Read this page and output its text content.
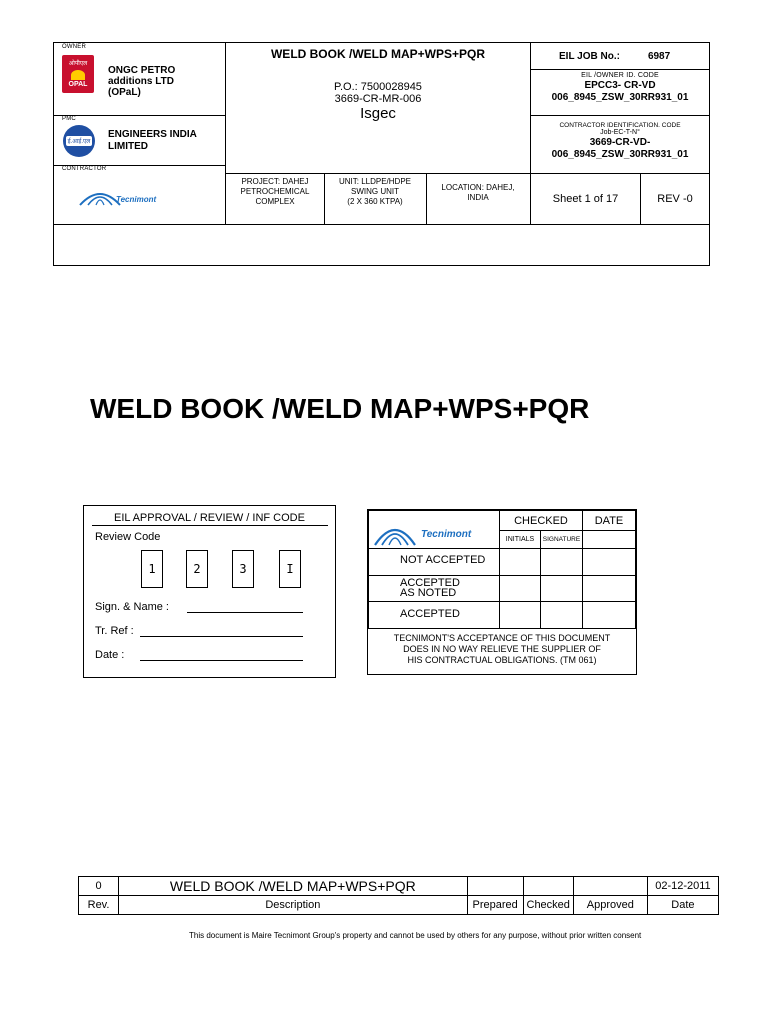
OWNER
ओपीएल
OPAL
ONGC PETRO
additions LTD
(OPaL)
PMC
ई.आई.एल
ENGINEERS INDIA
LIMITED
CONTRACTOR
Tecnimont
WELD BOOK /WELD MAP+WPS+PQR
P.O.: 7500028945
3669-CR-MR-006
Isgec
PROJECT: DAHEJ
PETROCHEMICAL
COMPLEX
UNIT: LLDPE/HDPE
SWING UNIT
(2 X 360 KTPA)
LOCATION: DAHEJ,
INDIA
EIL JOB No.:	6987
EIL /OWNER ID. CODE
EPCC3- CR-VD
006_8945_ZSW_30RR931_01
CONTRACTOR IDENTIFICATION. CODE
Job-EC-T-N°
3669-CR-VD-
006_8945_ZSW_30RR931_01
Sheet 1 of 17	REV -0
WELD BOOK /WELD MAP+WPS+PQR
EIL APPROVAL / REVIEW / INF CODE
Review Code
1	2	3	I
Sign. & Name :
Tr. Ref :
Date :
Tecnimont
CHECKED	DATE
INITIALS	SIGNATURE
NOT ACCEPTED
ACCEPTED
AS NOTED
ACCEPTED
TECNIMONT'S ACCEPTANCE OF THIS DOCUMENT
DOES IN NO WAY RELIEVE THE SUPPLIER OF
HIS CONTRACTUAL OBLIGATIONS. (TM 061)
0	WELD BOOK /WELD MAP+WPS+PQR				02-12-2011
Rev.	Description	Prepared	Checked	Approved	Date
This document is Maire Tecnimont Group's property and cannot be used by others for any purpose, without prior written consent
